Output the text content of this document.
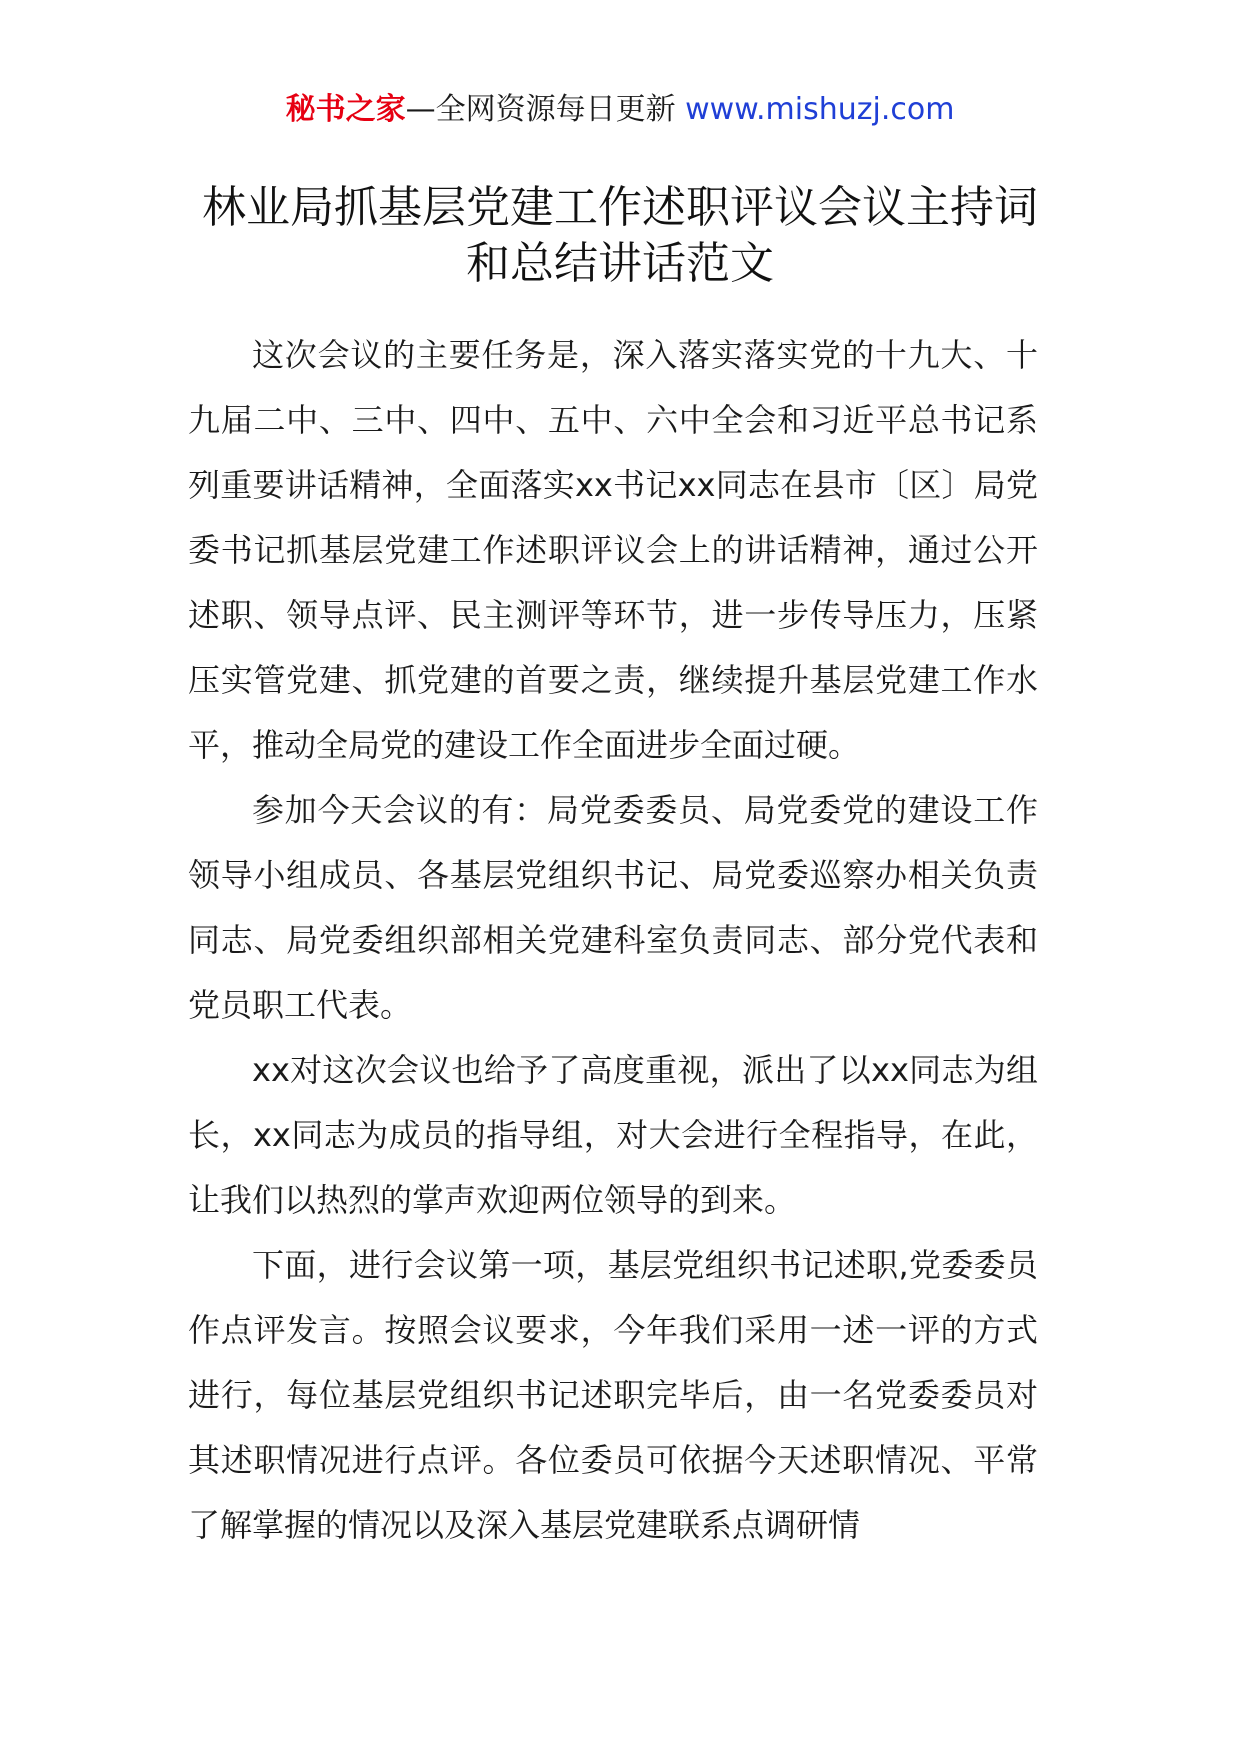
秘书之家—全网资源每日更新 www.mishuzj.com
林业局抓基层党建工作述职评议会议主持词和总结讲话范文

这次会议的主要任务是，深入落实落实党的十九大、十九届二中、三中、四中、五中、六中全会和习近平总书记系列重要讲话精神，全面落实xx书记xx同志在县市〔区〕局党委书记抓基层党建工作述职评议会上的讲话精神，通过公开述职、领导点评、民主测评等环节，进一步传导压力，压紧压实管党建、抓党建的首要之责，继续提升基层党建工作水平，推动全局党的建设工作全面进步全面过硬。

参加今天会议的有：局党委委员、局党委党的建设工作领导小组成员、各基层党组织书记、局党委巡察办相关负责同志、局党委组织部相关党建科室负责同志、部分党代表和党员职工代表。

xx对这次会议也给予了高度重视，派出了以xx同志为组长，xx同志为成员的指导组，对大会进行全程指导，在此，让我们以热烈的掌声欢迎两位领导的到来。

下面，进行会议第一项，基层党组织书记述职,党委委员作点评发言。按照会议要求，今年我们采用一述一评的方式进行，每位基层党组织书记述职完毕后，由一名党委委员对其述职情况进行点评。各位委员可依据今天述职情况、平常了解掌握的情况以及深入基层党建联系点调研情
